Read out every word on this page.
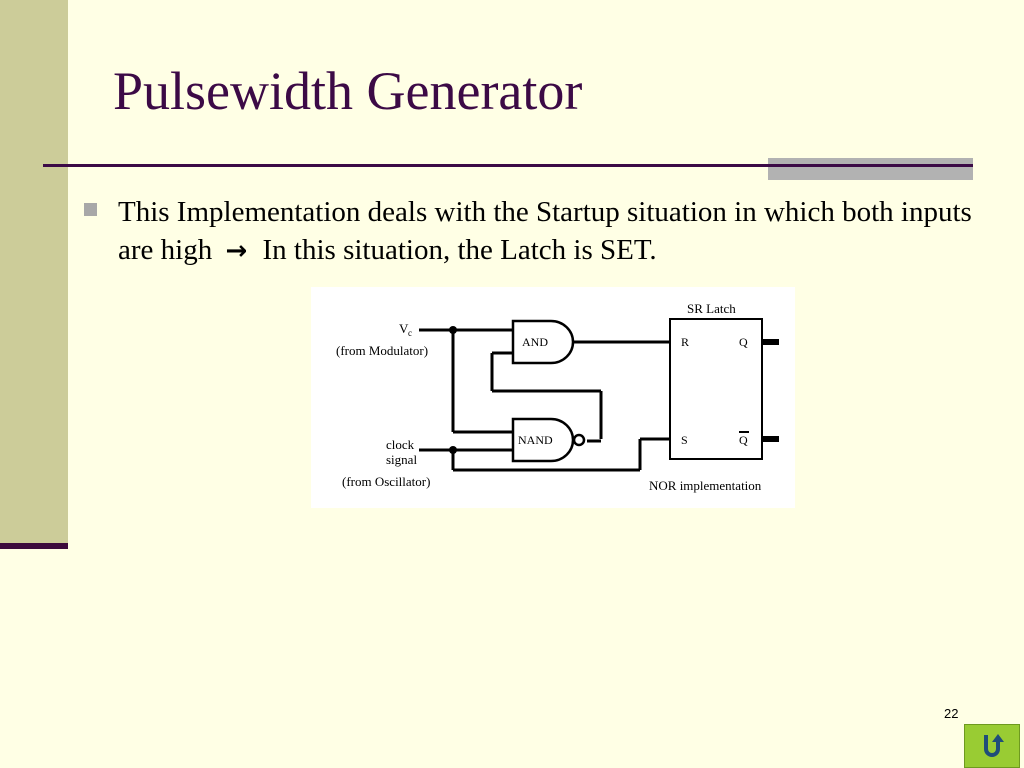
Pulsewidth Generator

This Implementation deals with the Startup situation in which both inputs are high → In this situation, the Latch is SET.

V c
(from Modulator)
clock
signal
(from Oscillator)
AND
NAND
SR Latch
R
S
Q
Q
NOR implementation
22
